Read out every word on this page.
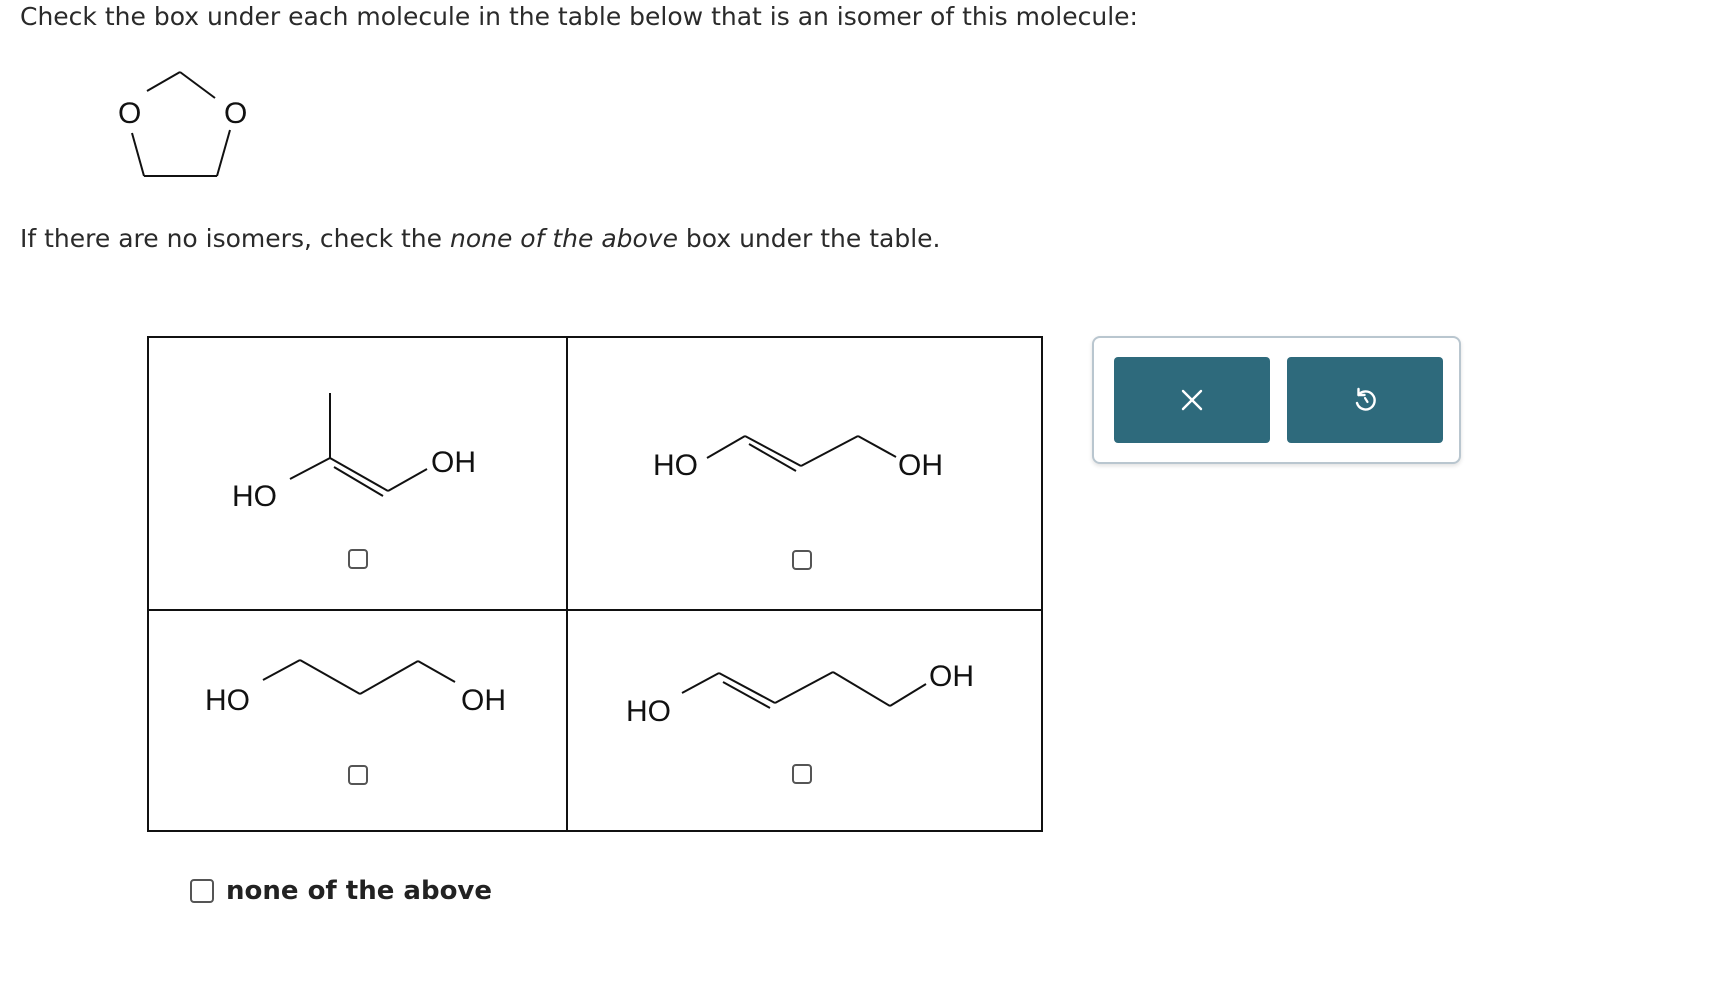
Check the box under each molecule in the table below that is an isomer of this molecule:
O	O
If there are no isomers, check the none of the above box under the table.
HO
OH	HO	OH
HO	OH	HO
OH
none of the above
